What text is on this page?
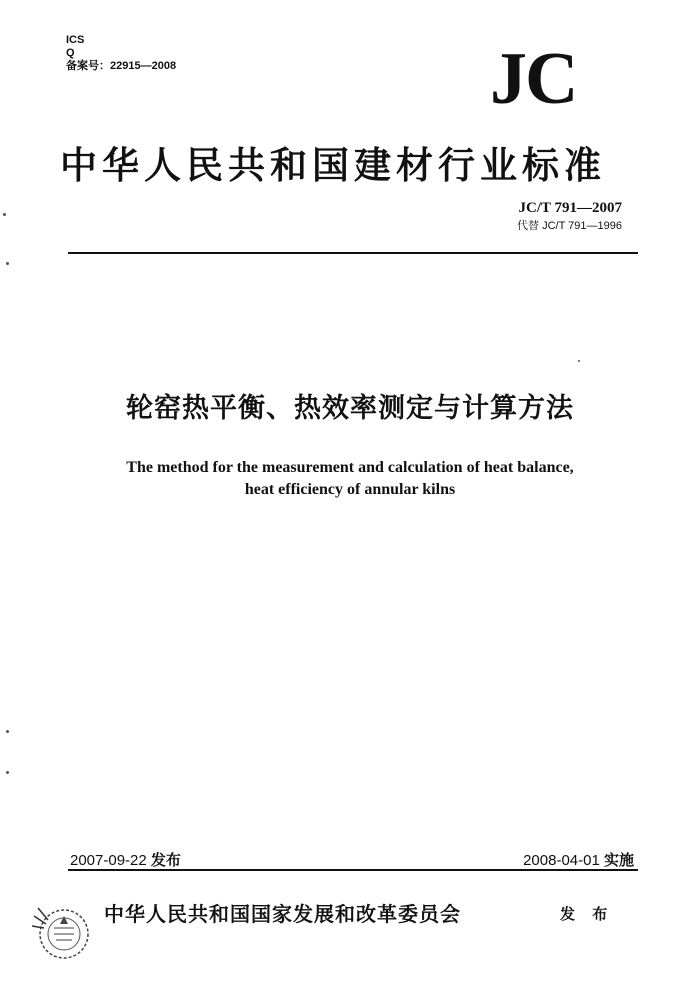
ICS
Q
备案号：22915—2008	JC
中华人民共和国建材行业标准
JC/T 791—2007
代替 JC/T 791—1996
轮窑热平衡、热效率测定与计算方法
The method for the measurement and calculation of heat balance,
heat efficiency of annular kilns
2007-09-22 发布	2008-04-01 实施
中华人民共和国国家发展和改革委员会	发 布
